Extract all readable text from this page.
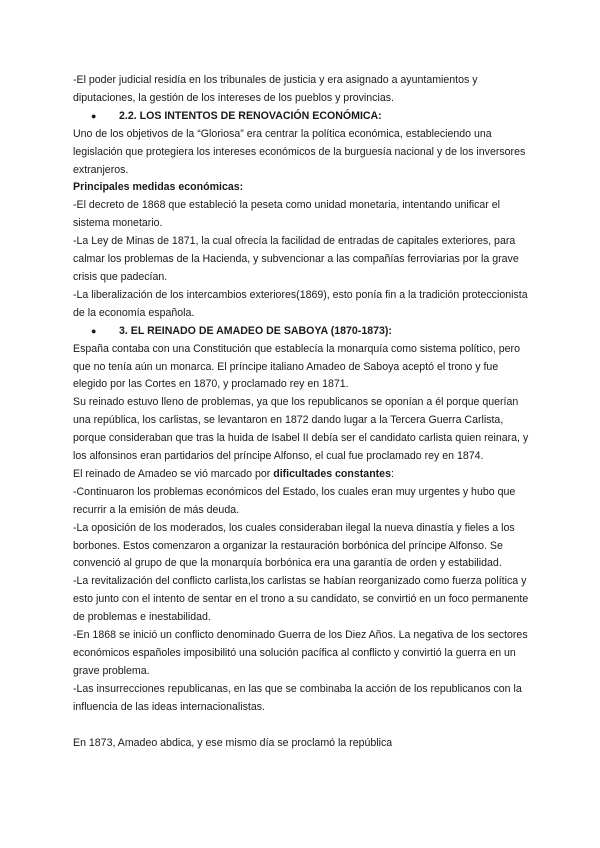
-El poder judicial residía en los tribunales de justicia y era asignado a ayuntamientos y diputaciones, la gestión de los intereses de los pueblos y provincias.

●	2.2. LOS INTENTOS DE RENOVACIÓN ECONÓMICA:

Uno de los objetivos de la “Gloriosa” era centrar la política económica, estableciendo una legislación que protegiera los intereses económicos de la burguesía nacional y de los inversores extranjeros.

Principales medidas económicas:

-El decreto de 1868 que estableció la peseta como unidad monetaria, intentando unificar el sistema monetario.

-La Ley de Minas de 1871, la cual ofrecía la facilidad de entradas de capitales exteriores, para calmar los problemas de la Hacienda, y subvencionar a las compañías ferroviarias por la grave crisis que padecían.

-La liberalización de los intercambios exteriores(1869), esto ponía fin a la tradición proteccionista de la economía española.

●	3. EL REINADO DE AMADEO DE SABOYA (1870-1873):

España contaba con una Constitución que establecía la monarquía como sistema político, pero que no tenía aún un monarca. El príncipe italiano Amadeo de Saboya aceptó el trono y fue elegido por las Cortes en 1870, y proclamado rey en 1871.

Su reinado estuvo lleno de problemas, ya que los republicanos se oponían a él porque querían una república, los carlistas, se levantaron en 1872 dando lugar a la Tercera Guerra Carlista, porque consideraban que tras la huida de Isabel II debía ser el candidato carlista quien reinara, y los alfonsinos eran partidarios del príncipe Alfonso, el cual fue proclamado rey en 1874.

El reinado de Amadeo se vió marcado por dificultades constantes:

-Continuaron los problemas económicos del Estado, los cuales eran muy urgentes y hubo que recurrir a la emisión de más deuda.

-La oposición de los moderados, los cuales consideraban ilegal la nueva dinastía y fieles a los borbones. Estos comenzaron a organizar la restauración borbónica del príncipe Alfonso. Se convenció al grupo de que la monarquía borbónica era una garantía de orden y estabilidad.

-La revitalización del conflicto carlista,los carlistas se habían reorganizado como fuerza política y esto junto con el intento de sentar en el trono a su candidato, se convirtió en un foco permanente de problemas e inestabilidad.

-En 1868 se inició un conflicto denominado Guerra de los Diez Años. La negativa de los sectores económicos españoles imposibilitó una solución pacífica al conflicto y convirtió la guerra en un grave problema.

-Las insurrecciones republicanas, en las que se combinaba la acción de los republicanos con la influencia de las ideas internacionalistas.

En 1873, Amadeo abdica, y ese mismo día se proclamó la república
